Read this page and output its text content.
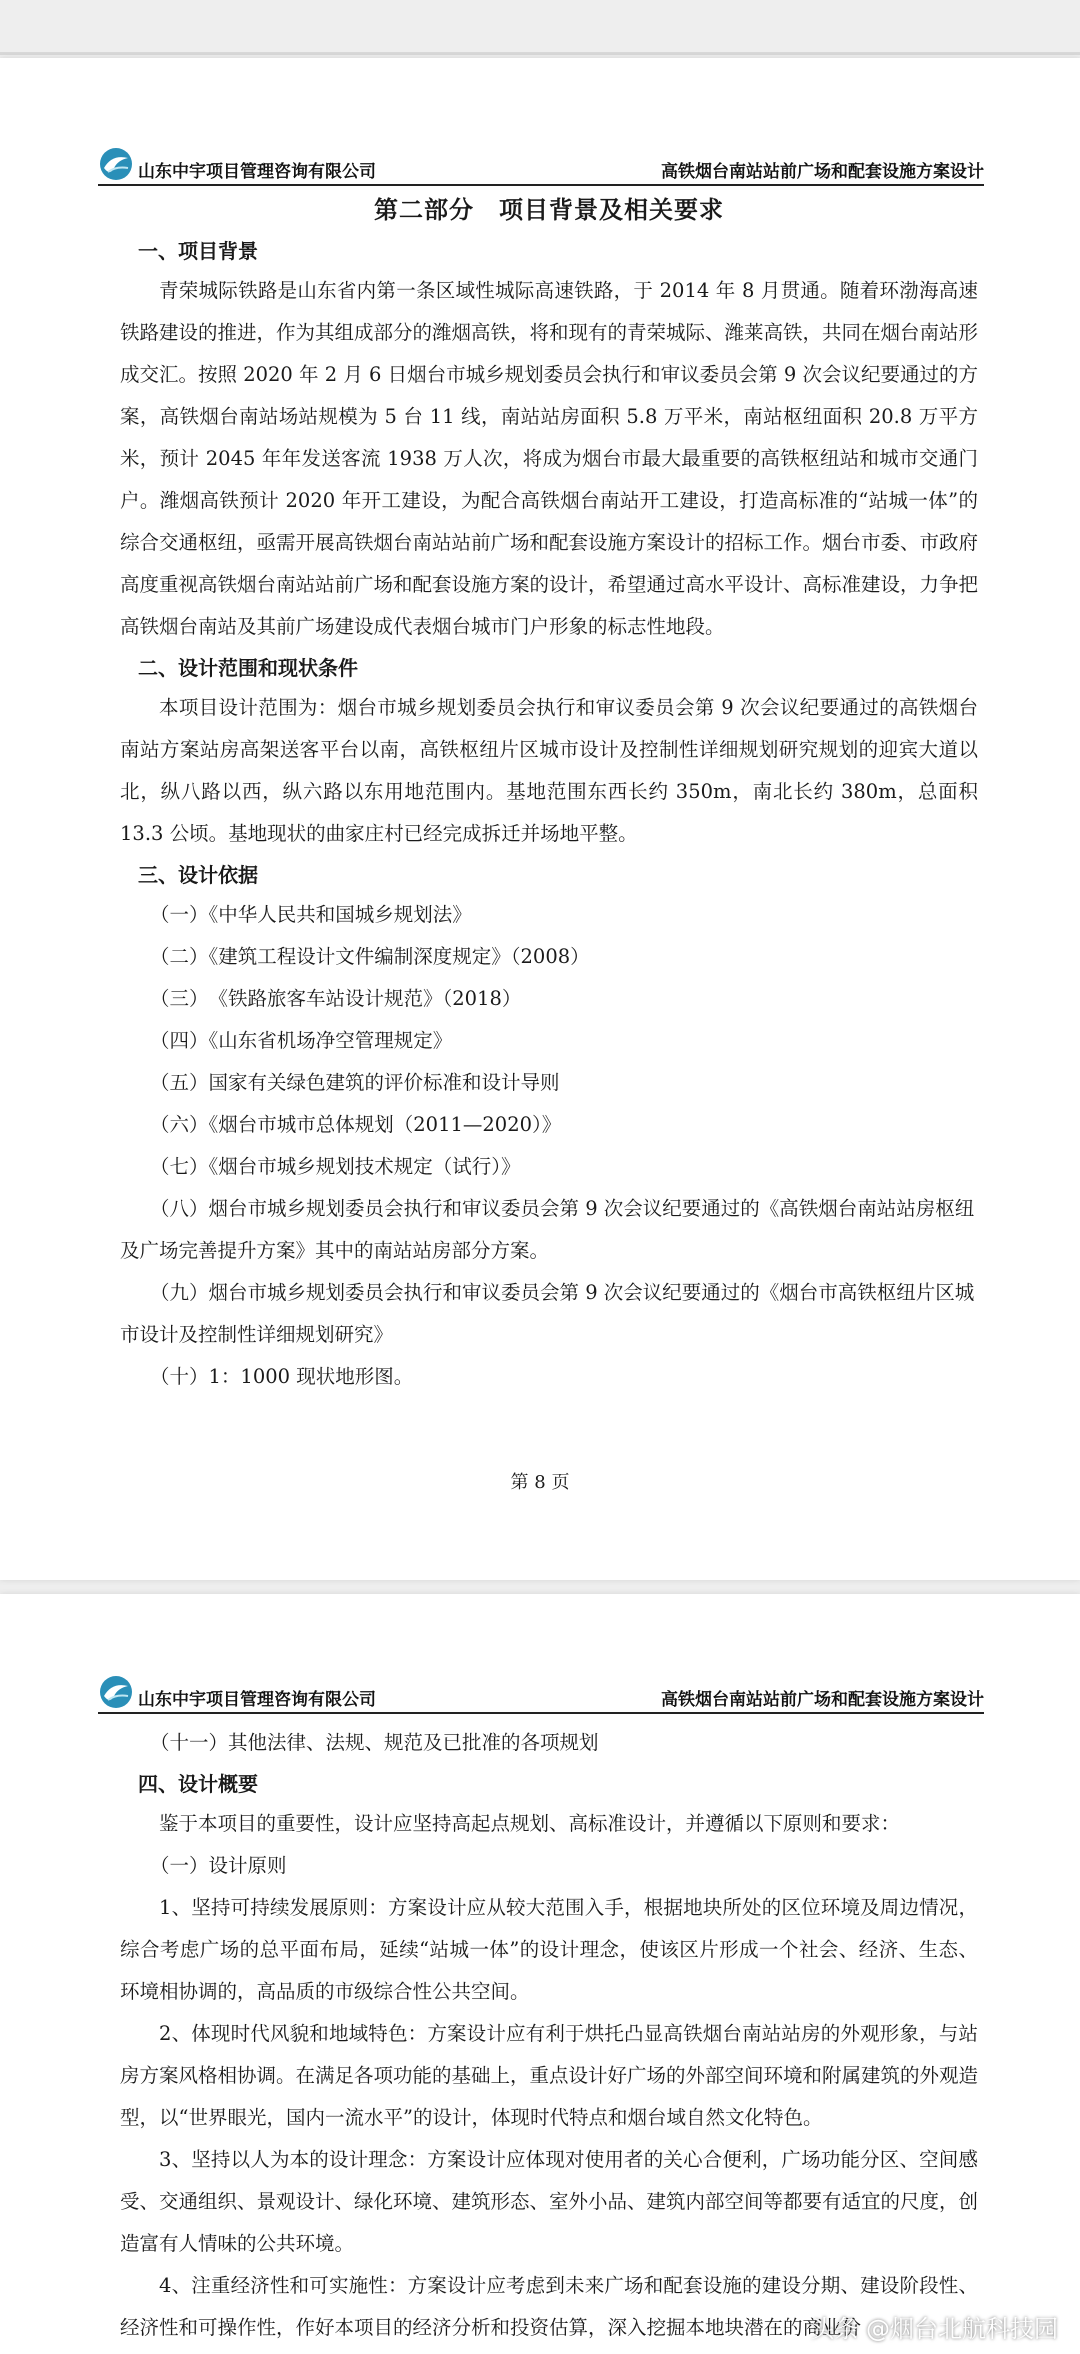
山东中宇项目管理咨询有限公司	高铁烟台南站站前广场和配套设施方案设计
第二部分　项目背景及相关要求
一、项目背景

青荣城际铁路是山东省内第一条区域性城际高速铁路，于 2014 年 8 月贯通。随着环渤海高速铁路建设的推进，作为其组成部分的潍烟高铁，将和现有的青荣城际、潍莱高铁，共同在烟台南站形成交汇。按照 2020 年 2 月 6 日烟台市城乡规划委员会执行和审议委员会第 9 次会议纪要通过的方案，高铁烟台南站场站规模为 5 台 11 线，南站站房面积 5.8 万平米，南站枢纽面积 20.8 万平方米，预计 2045 年年发送客流 1938 万人次，将成为烟台市最大最重要的高铁枢纽站和城市交通门户。潍烟高铁预计 2020 年开工建设，为配合高铁烟台南站开工建设，打造高标准的“站城一体”的综合交通枢纽，亟需开展高铁烟台南站站前广场和配套设施方案设计的招标工作。烟台市委、市政府高度重视高铁烟台南站站前广场和配套设施方案的设计，希望通过高水平设计、高标准建设，力争把高铁烟台南站及其前广场建设成代表烟台城市门户形象的标志性地段。

二、设计范围和现状条件

本项目设计范围为：烟台市城乡规划委员会执行和审议委员会第 9 次会议纪要通过的高铁烟台南站方案站房高架送客平台以南，高铁枢纽片区城市设计及控制性详细规划研究规划的迎宾大道以北，纵八路以西，纵六路以东用地范围内。基地范围东西长约 350m，南北长约 380m，总面积 13.3 公顷。基地现状的曲家庄村已经完成拆迁并场地平整。

三、设计依据

（一）《中华人民共和国城乡规划法》

（二）《建筑工程设计文件编制深度规定》（2008）

（三）　《铁路旅客车站设计规范》（2018）

（四）《山东省机场净空管理规定》

（五）国家有关绿色建筑的评价标准和设计导则

（六）《烟台市城市总体规划（2011—2020）》

（七）《烟台市城乡规划技术规定（试行）》

（八）烟台市城乡规划委员会执行和审议委员会第 9 次会议纪要通过的《高铁烟台南站站房枢纽及广场完善提升方案》其中的南站站房部分方案。

（九）烟台市城乡规划委员会执行和审议委员会第 9 次会议纪要通过的《烟台市高铁枢纽片区城市设计及控制性详细规划研究》

（十）1：1000 现状地形图。

第 8 页
山东中宇项目管理咨询有限公司	高铁烟台南站站前广场和配套设施方案设计

（十一）其他法律、法规、规范及已批准的各项规划

四、设计概要

鉴于本项目的重要性，设计应坚持高起点规划、高标准设计，并遵循以下原则和要求：

（一）设计原则

1、坚持可持续发展原则：方案设计应从较大范围入手，根据地块所处的区位环境及周边情况，综合考虑广场的总平面布局，延续“站城一体”的设计理念，使该区片形成一个社会、经济、生态、环境相协调的，高品质的市级综合性公共空间。

2、体现时代风貌和地域特色：方案设计应有利于烘托凸显高铁烟台南站站房的外观形象，与站房方案风格相协调。在满足各项功能的基础上，重点设计好广场的外部空间环境和附属建筑的外观造型，以“世界眼光，国内一流水平”的设计，体现时代特点和烟台域自然文化特色。

3、坚持以人为本的设计理念：方案设计应体现对使用者的关心合便利，广场功能分区、空间感受、交通组织、景观设计、绿化环境、建筑形态、室外小品、建筑内部空间等都要有适宜的尺度，创造富有人情味的公共环境。

4、注重经济性和可实施性：方案设计应考虑到未来广场和配套设施的建设分期、建设阶段性、经济性和可操作性，作好本项目的经济分析和投资估算，深入挖掘本地块潜在的商业价

头条 @烟台北航科技园
